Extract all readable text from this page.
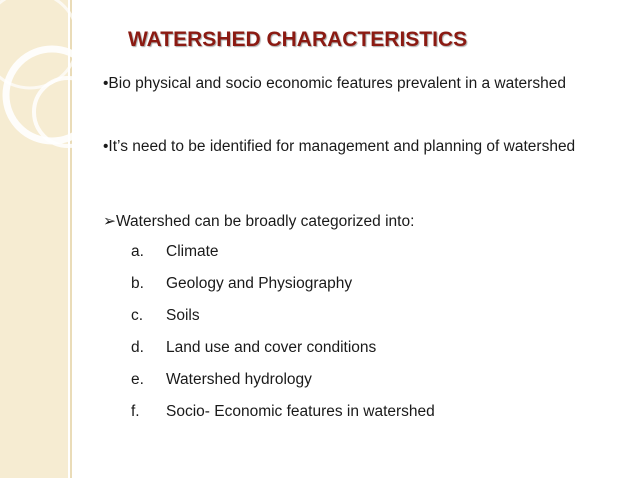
WATERSHED CHARACTERISTICS

•Bio physical and socio economic features prevalent in a watershed

•It’s need to be identified for management and planning of watershed

➢Watershed can be broadly categorized into:

a.	Climate
b.	Geology and Physiography
c.	Soils
d.	Land use and cover conditions
e.	Watershed hydrology
f.	Socio- Economic features in watershed
